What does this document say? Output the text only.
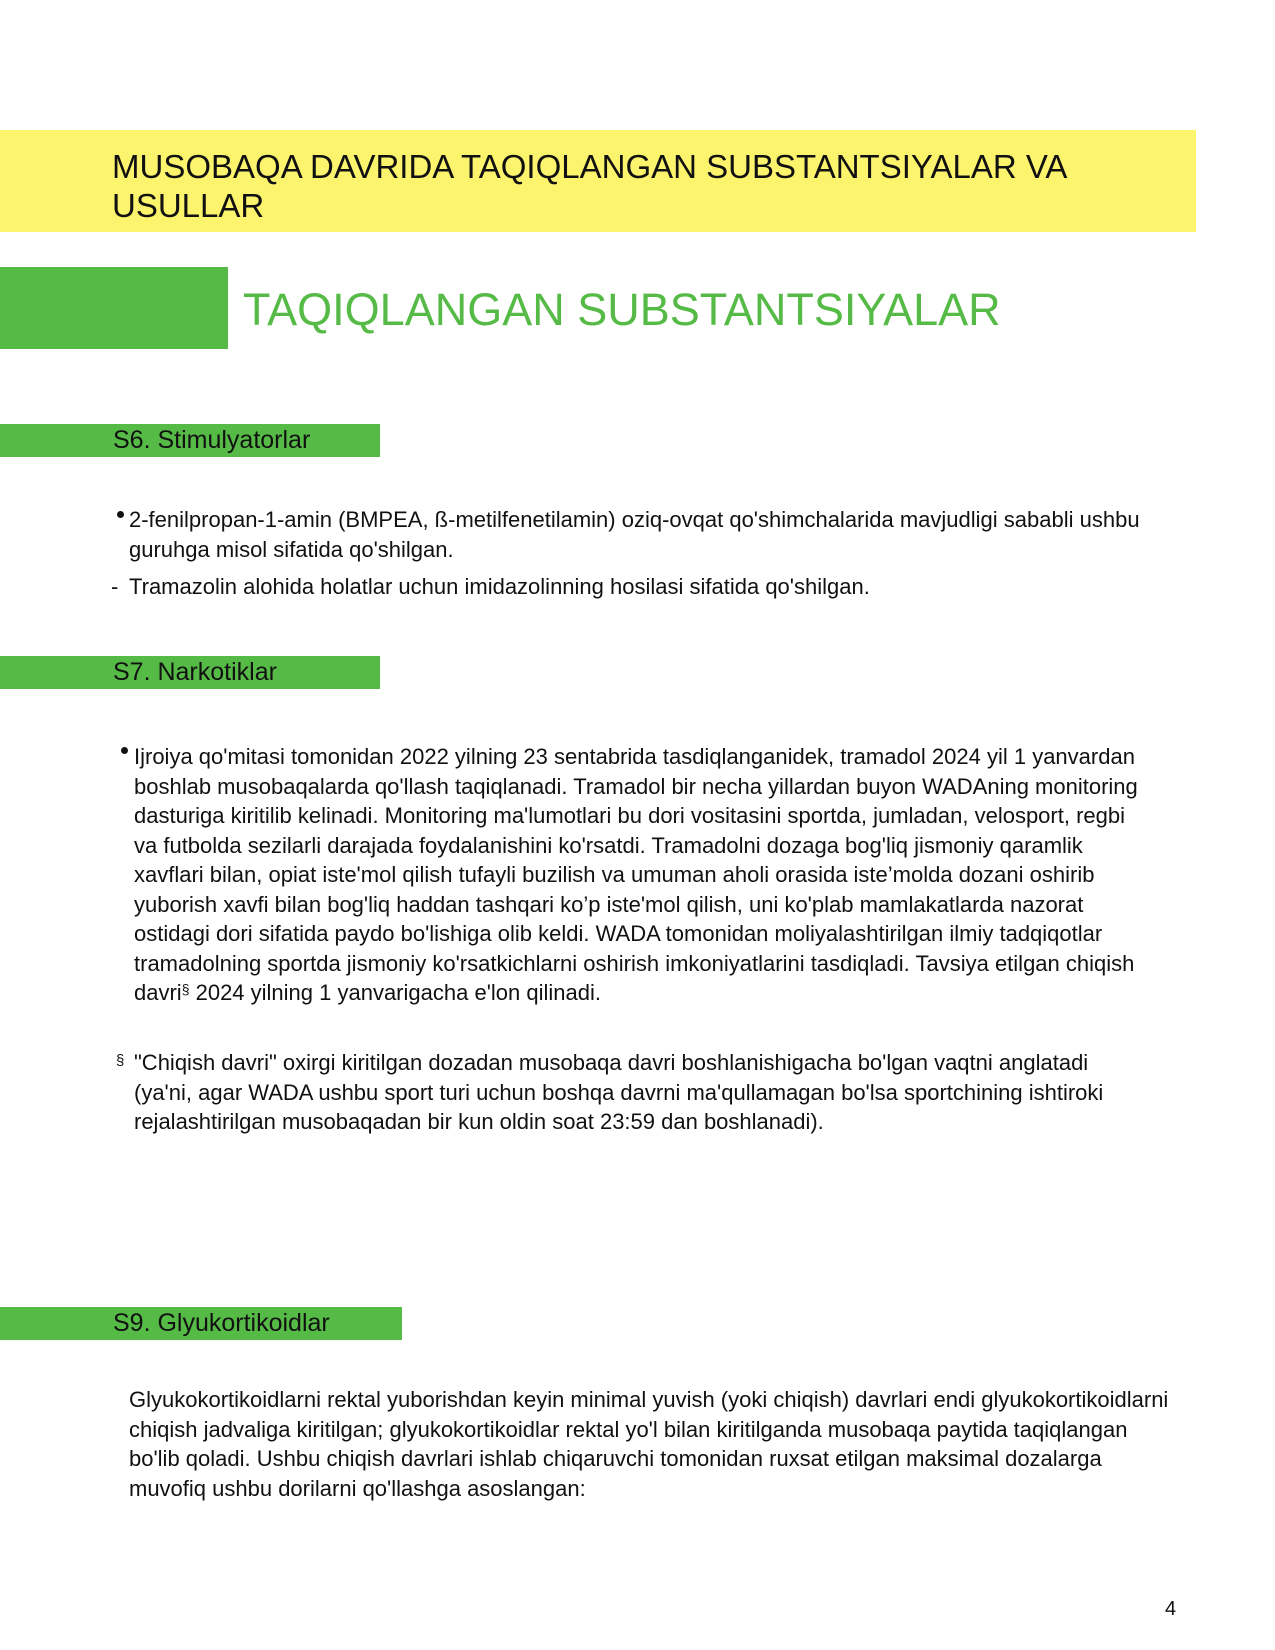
MUSOBAQA DAVRIDA TAQIQLANGAN SUBSTANTSIYALAR VA USULLAR
TAQIQLANGAN SUBSTANTSIYALAR
S6. Stimulyatorlar
2-fenilpropan-1-amin (BMPEA, ß-metilfenetilamin) oziq-ovqat qo'shimchalarida mavjudligi sababli ushbu guruhga misol sifatida qo'shilgan.
- Tramazolin alohida holatlar uchun imidazolinning hosilasi sifatida qo'shilgan.
S7. Narkotiklar
Ijroiya qo'mitasi tomonidan 2022 yilning 23 sentabrida tasdiqlanganidek, tramadol 2024 yil 1 yanvardan boshlab musobaqalarda qo'llash taqiqlanadi. Tramadol bir necha yillardan buyon WADAning monitoring dasturiga kiritilib kelinadi. Monitoring ma'lumotlari bu dori vositasini sportda, jumladan, velosport, regbi va futbolda sezilarli darajada foydalanishini ko'rsatdi. Tramadolni dozaga bog'liq jismoniy qaramlik xavflari bilan, opiat iste'mol qilish tufayli buzilish va umuman aholi orasida iste’molda dozani oshirib yuborish xavfi bilan bog'liq haddan tashqari ko’p iste'mol qilish, uni ko'plab mamlakatlarda nazorat ostidagi dori sifatida paydo bo'lishiga olib keldi. WADA tomonidan moliyalashtirilgan ilmiy tadqiqotlar tramadolning sportda jismoniy ko'rsatkichlarni oshirish imkoniyatlarini tasdiqladi. Tavsiya etilgan chiqish davri§ 2024 yilning 1 yanvarigacha e'lon qilinadi.
§ "Chiqish davri" oxirgi kiritilgan dozadan musobaqa davri boshlanishigacha bo'lgan vaqtni anglatadi (ya'ni, agar WADA ushbu sport turi uchun boshqa davrni ma'qullamagan bo'lsa sportchining ishtiroki rejalashtirilgan musobaqadan bir kun oldin soat 23:59 dan boshlanadi).
S9. Glyukortikoidlar
Glyukokortikoidlarni rektal yuborishdan keyin minimal yuvish (yoki chiqish) davrlari endi glyukokortikoidlarni chiqish jadvaliga kiritilgan; glyukokortikoidlar rektal yo'l bilan kiritilganda musobaqa paytida taqiqlangan bo'lib qoladi. Ushbu chiqish davrlari ishlab chiqaruvchi tomonidan ruxsat etilgan maksimal dozalarga muvofiq ushbu dorilarni qo'llashga asoslangan:
4
